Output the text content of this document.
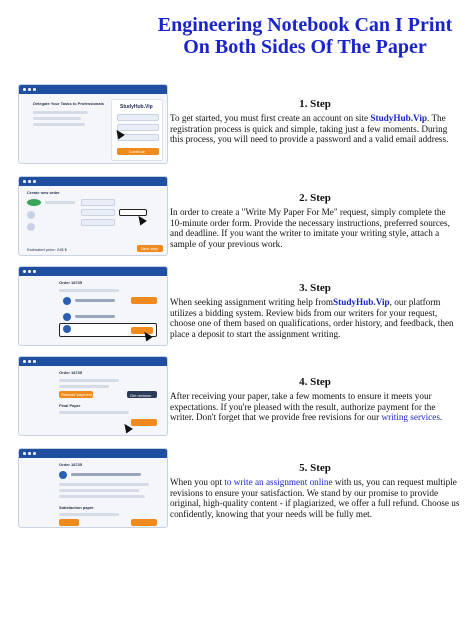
Engineering Notebook Can I Print On Both Sides Of The Paper
Delegate Your Tasks to Professionals
StudyHub.Vip
Continue
1. Step
To get started, you must first create an account on site StudyHub.Vip. The registration process is quick and simple, taking just a few moments. During this process, you will need to provide a password and a valid email address.
Create new order
Estimated price: 24$ $	Next step
2. Step
In order to create a "Write My Paper For Me" request, simply complete the 10-minute order form. Provide the necessary instructions, preferred sources, and deadline. If you want the writer to imitate your writing style, attach a sample of your previous work.
Order 18735	3. Step
When seeking assignment writing help fromStudyHub.Vip, our platform utilizes a bidding system. Review bids from our writers for your request, choose one of them based on qualifications, order history, and feedback, then place a deposit to start the assignment writing.
Order 18735
Release payment	Get revision
Final Paper
4. Step
After receiving your paper, take a few moments to ensure it meets your expectations. If you're pleased with the result, authorize payment for the writer. Don't forget that we provide free revisions for our writing services.
Order 18735
Satisfaction paper
5. Step
When you opt to write an assignment online with us, you can request multiple revisions to ensure your satisfaction. We stand by our promise to provide original, high-quality content - if plagiarized, we offer a full refund. Choose us confidently, knowing that your needs will be fully met.
